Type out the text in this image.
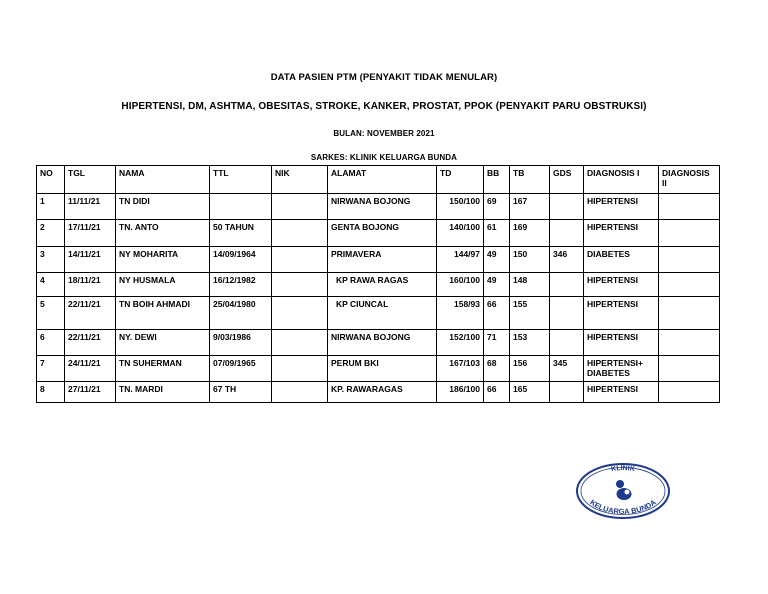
DATA PASIEN PTM (PENYAKIT TIDAK MENULAR)
HIPERTENSI, DM, ASHTMA, OBESITAS, STROKE, KANKER, PROSTAT, PPOK (PENYAKIT PARU OBSTRUKSI)
BULAN: NOVEMBER 2021
SARKES: KLINIK KELUARGA BUNDA
NO	TGL	NAMA	TTL	NIK	ALAMAT	TD	BB	TB	GDS	DIAGNOSIS I	DIAGNOSIS II
1	11/11/21	TN DIDI			NIRWANA BOJONG	150/100	69	167		HIPERTENSI	
2	17/11/21	TN. ANTO	50 TAHUN		GENTA BOJONG	140/100	61	169		HIPERTENSI	
3	14/11/21	NY MOHARITA	14/09/1964		PRIMAVERA	144/97	49	150	346	DIABETES	
4	18/11/21	NY HUSMALA	16/12/1982		KP RAWA RAGAS	160/100	49	148		HIPERTENSI	
5	22/11/21	TN BOIH AHMADI	25/04/1980		KP CIUNCAL	158/93	66	155		HIPERTENSI	
6	22/11/21	NY. DEWI	9/03/1986		NIRWANA BOJONG	152/100	71	153		HIPERTENSI	
7	24/11/21	TN SUHERMAN	07/09/1965		PERUM BKI	167/103	68	156	345	HIPERTENSI+ DIABETES	
8	27/11/21	TN. MARDI	67 TH		KP. RAWARAGAS	186/100	66	165		HIPERTENSI	
KLINIK
KELUARGA BUNDA
